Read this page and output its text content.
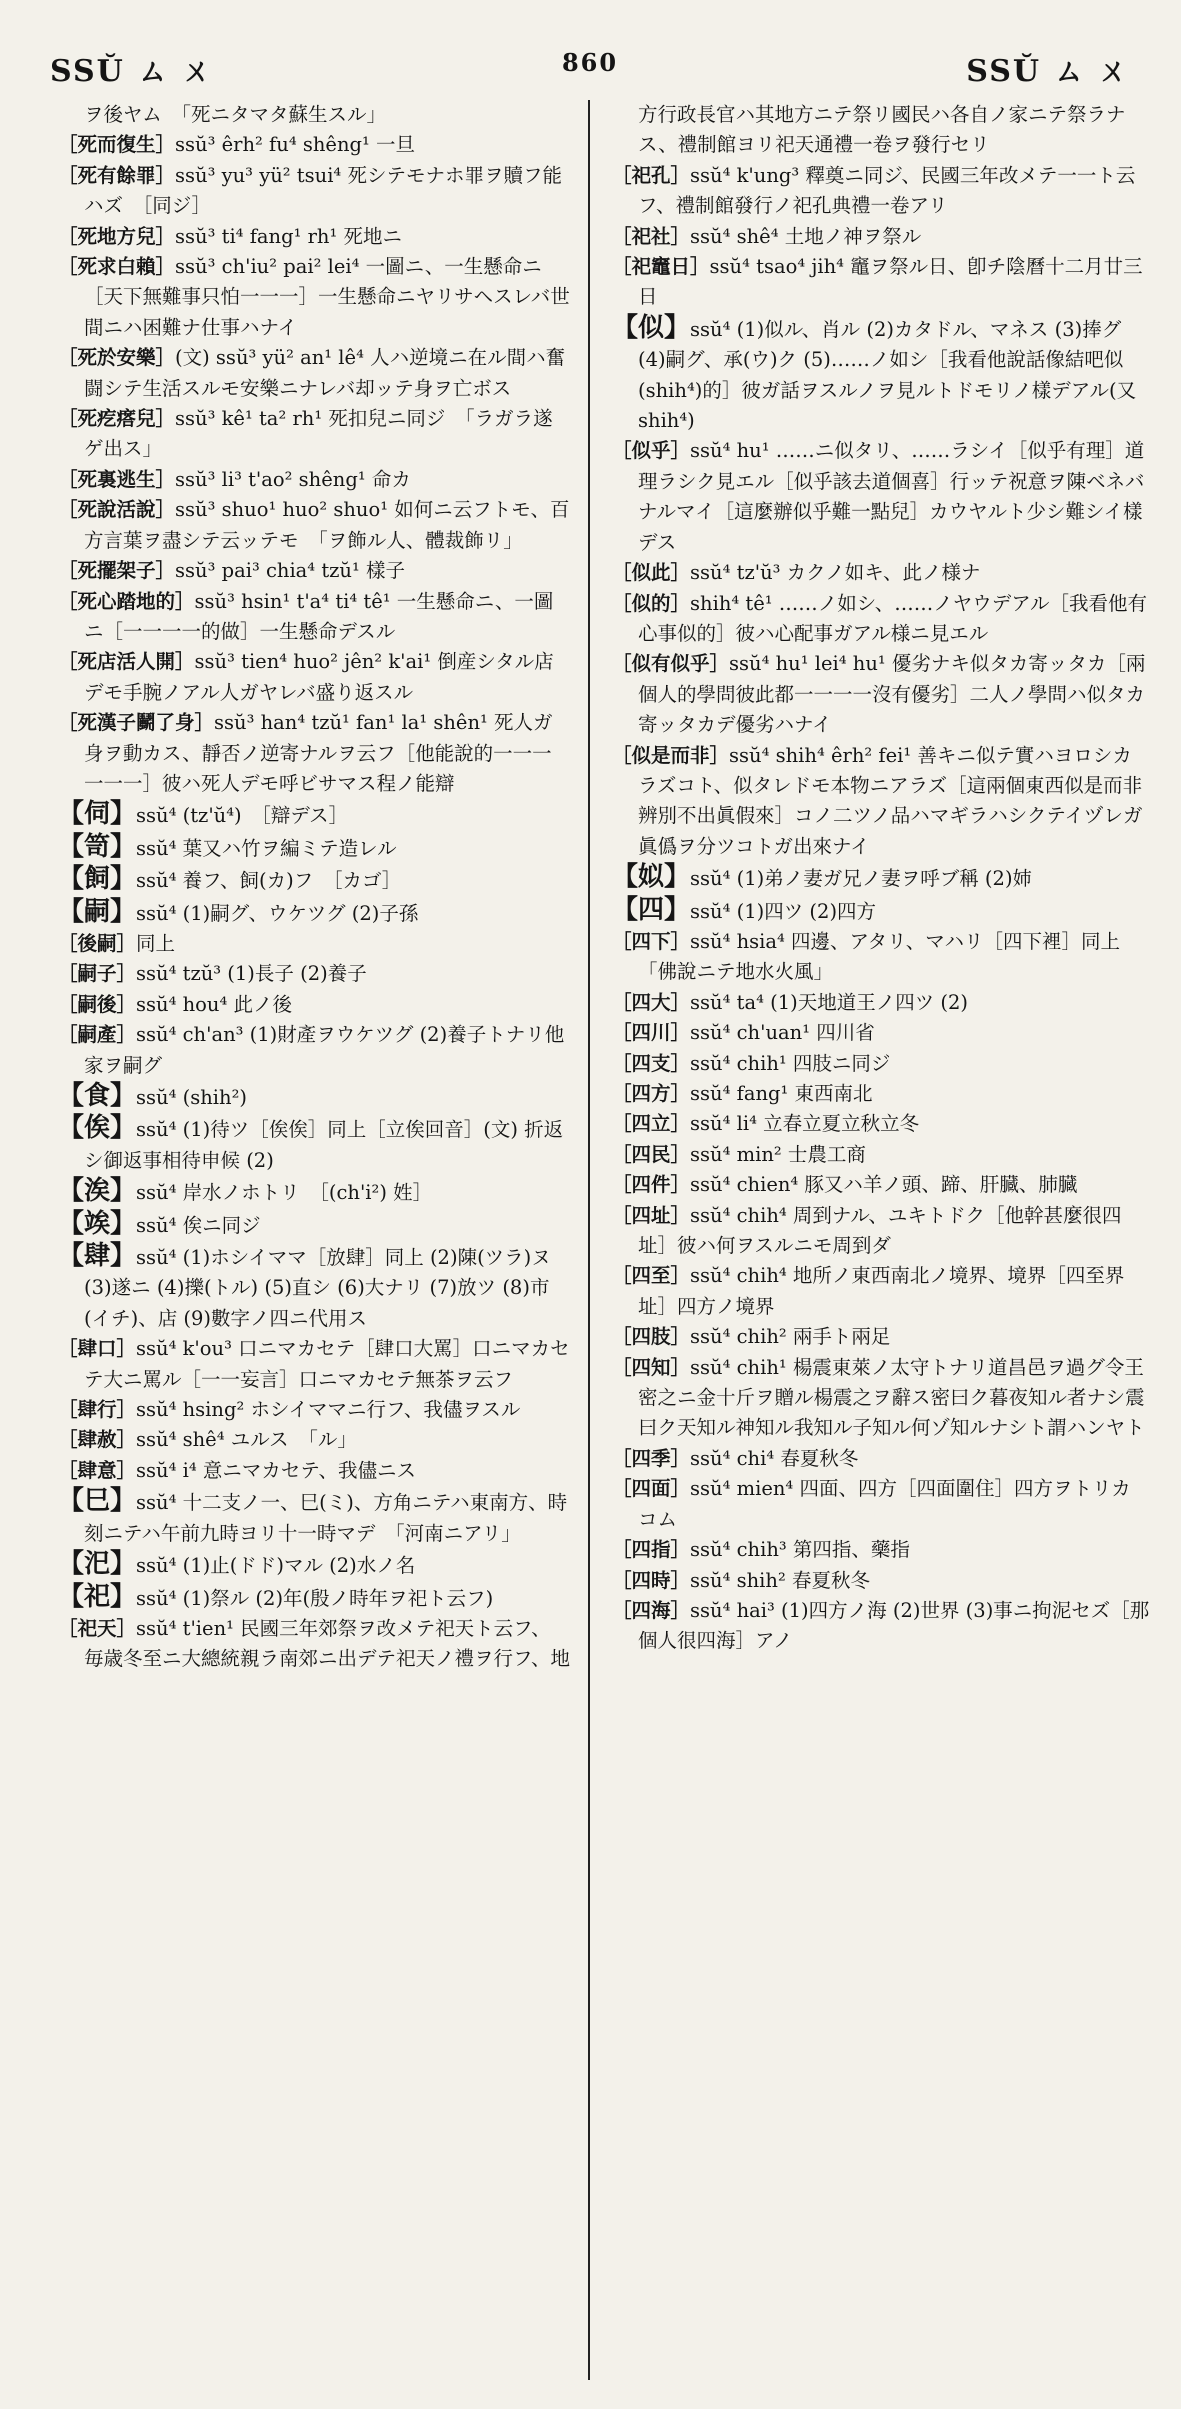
SSŬ ㄙ ㄨ	860	SSŬ ㄙ ㄨ

ヲ後ヤム　「死ニタマタ蘇生スル」

［死而復生］ssŭ³ êrh² fu⁴ shêng¹ 一旦

［死有餘罪］ssŭ³ yu³ yü² tsui⁴ 死シテモナホ罪ヲ贖フ能ハズ　［同ジ］

［死地方兒］ssŭ³ ti⁴ fang¹ rh¹ 死地ニ

［死求白賴］ssŭ³ ch'iu² pai² lei⁴ 一圖ニ、一生懸命ニ［天下無難事只怕一一一］一生懸命ニヤリサヘスレバ世間ニハ困難ナ仕事ハナイ

［死於安樂］(文) ssŭ³ yü² an¹ lê⁴ 人ハ逆境ニ在ル間ハ奮闘シテ生活スルモ安樂ニナレバ却ッテ身ヲ亡ボス

［死疙瘩兒］ssŭ³ kê¹ ta² rh¹ 死扣兒ニ同ジ　「ラガラ遂ゲ出ス」

［死裏逃生］ssŭ³ li³ t'ao² shêng¹ 命カ

［死說活說］ssŭ³ shuo¹ huo² shuo¹ 如何ニ云フトモ、百方言葉ヲ盡シテ云ッテモ　「ヲ飾ル人、體裁飾リ」

［死擺架子］ssŭ³ pai³ chia⁴ tzŭ¹ 樣子

［死心踏地的］ssŭ³ hsin¹ t'a⁴ ti⁴ tê¹ 一生懸命ニ、一圖ニ［一一一一的做］一生懸命デスル

［死店活人開］ssŭ³ tien⁴ huo² jên² k'ai¹ 倒産シタル店デモ手腕ノアル人ガヤレバ盛り返スル

［死漢子鬭了身］ssŭ³ han⁴ tzŭ¹ fan¹ la¹ shên¹ 死人ガ身ヲ動カス、靜否ノ逆寄ナルヲ云フ［他能說的一一一一一一］彼ハ死人デモ呼ビサマス程ノ能辯

【伺】ssŭ⁴ (tz'ŭ⁴)　［辯デス］

【笥】ssŭ⁴ 葉又ハ竹ヲ編ミテ造レル

【飼】ssŭ⁴ 養フ、飼(カ)フ　［カゴ］

【嗣】ssŭ⁴ (1)嗣グ、ウケツグ (2)子孫

［後嗣］同上

［嗣子］ssŭ⁴ tzŭ³ (1)長子 (2)養子

［嗣後］ssŭ⁴ hou⁴ 此ノ後

［嗣產］ssŭ⁴ ch'an³ (1)財產ヲウケツグ (2)養子トナリ他家ヲ嗣グ

【食】ssŭ⁴ (shih²)

【俟】ssŭ⁴ (1)待ツ［俟俟］同上［立俟回音］(文) 折返シ御返事相待申候 (2)

【涘】ssŭ⁴ 岸水ノホトリ　［(ch'i²) 姓］

【竢】ssŭ⁴ 俟ニ同ジ

【肆】ssŭ⁴ (1)ホシイママ［放肆］同上 (2)陳(ツラ)ヌ (3)遂ニ (4)擽(トル) (5)直シ (6)大ナリ (7)放ツ (8)市(イチ)、店 (9)數字ノ四ニ代用ス

［肆口］ssŭ⁴ k'ou³ 口ニマカセテ［肆口大罵］口ニマカセテ大ニ罵ル［一一妄言］口ニマカセテ無茶ヲ云フ

［肆行］ssŭ⁴ hsing² ホシイママニ行フ、我儘ヲスル

［肆赦］ssŭ⁴ shê⁴ ユルス　「ル」

［肆意］ssŭ⁴ i⁴ 意ニマカセテ、我儘ニス

【巳】ssŭ⁴ 十二支ノ一、巳(ミ)、方角ニテハ東南方、時刻ニテハ午前九時ヨリ十一時マデ　「河南ニアリ」

【汜】ssŭ⁴ (1)止(ドド)マル (2)水ノ名

【祀】ssŭ⁴ (1)祭ル (2)年(殷ノ時年ヲ祀ト云フ)

［祀天］ssŭ⁴ t'ien¹ 民國三年郊祭ヲ改メテ祀天ト云フ、毎歳冬至ニ大總統親ラ南郊ニ出デテ祀天ノ禮ヲ行フ、地

方行政長官ハ其地方ニテ祭リ國民ハ各自ノ家ニテ祭ラナス、禮制館ヨリ祀天通禮一卷ヲ發行セリ

［祀孔］ssŭ⁴ k'ung³ 釋奠ニ同ジ、民國三年改メテ一一ト云フ、禮制館發行ノ祀孔典禮一卷アリ

［祀社］ssŭ⁴ shê⁴ 土地ノ神ヲ祭ル

［祀竈日］ssŭ⁴ tsao⁴ jih⁴ 竈ヲ祭ル日、卽チ陰曆十二月廿三日

【似】ssŭ⁴ (1)似ル、肖ル (2)カタドル、マネス (3)捧グ (4)嗣グ、承(ウ)ク (5)……ノ如シ［我看他說話像結吧似(shih⁴)的］彼ガ話ヲスルノヲ見ルトドモリノ樣デアル(又 shih⁴)

［似乎］ssŭ⁴ hu¹ ……ニ似タリ、……ラシイ［似乎有理］道理ラシク見エル［似乎該去道個喜］行ッテ祝意ヲ陳ベネバナルマイ［這麼辦似乎難一點兒］カウヤルト少シ難シイ樣デス

［似此］ssŭ⁴ tz'ŭ³ カクノ如キ、此ノ様ナ

［似的］shih⁴ tê¹ ……ノ如シ、……ノヤウデアル［我看他有心事似的］彼ハ心配事ガアル様ニ見エル

［似有似乎］ssŭ⁴ hu¹ lei⁴ hu¹ 優劣ナキ似タカ寄ッタカ［兩個人的學問彼此都一一一一沒有優劣］二人ノ學問ハ似タカ寄ッタカデ優劣ハナイ

［似是而非］ssŭ⁴ shih⁴ êrh² fei¹ 善キニ似テ實ハヨロシカラズコト、似タレドモ本物ニアラズ［這兩個東西似是而非辨別不出眞假來］コノ二ツノ品ハマギラハシクテイヅレガ眞僞ヲ分ツコトガ出來ナイ

【姒】ssŭ⁴ (1)弟ノ妻ガ兄ノ妻ヲ呼ブ稱 (2)姉

【四】ssŭ⁴ (1)四ツ (2)四方

［四下］ssŭ⁴ hsia⁴ 四邊、アタリ、マハリ［四下裡］同上　「佛說ニテ地水火風」

［四大］ssŭ⁴ ta⁴ (1)天地道王ノ四ツ (2)

［四川］ssŭ⁴ ch'uan¹ 四川省

［四支］ssŭ⁴ chih¹ 四肢ニ同ジ

［四方］ssŭ⁴ fang¹ 東西南北

［四立］ssŭ⁴ li⁴ 立春立夏立秋立冬

［四民］ssŭ⁴ min² 士農工商

［四件］ssŭ⁴ chien⁴ 豚又ハ羊ノ頭、蹄、肝臓、肺臓

［四址］ssŭ⁴ chih⁴ 周到ナル、ユキトドク［他幹甚麼很四址］彼ハ何ヲスルニモ周到ダ

［四至］ssŭ⁴ chih⁴ 地所ノ東西南北ノ境界、境界［四至界址］四方ノ境界

［四肢］ssŭ⁴ chih² 兩手ト兩足

［四知］ssŭ⁴ chih¹ 楊震東萊ノ太守トナリ道昌邑ヲ過グ令王密之ニ金十斤ヲ贈ル楊震之ヲ辭ス密曰ク暮夜知ル者ナシ震曰ク天知ル神知ル我知ル子知ル何ゾ知ルナシト謂ハンヤト

［四季］ssŭ⁴ chi⁴ 春夏秋冬

［四面］ssŭ⁴ mien⁴ 四面、四方［四面圍住］四方ヲトリカコム

［四指］ssŭ⁴ chih³ 第四指、藥指

［四時］ssŭ⁴ shih² 春夏秋冬

［四海］ssŭ⁴ hai³ (1)四方ノ海 (2)世界 (3)事ニ拘泥セズ［那個人很四海］アノ
